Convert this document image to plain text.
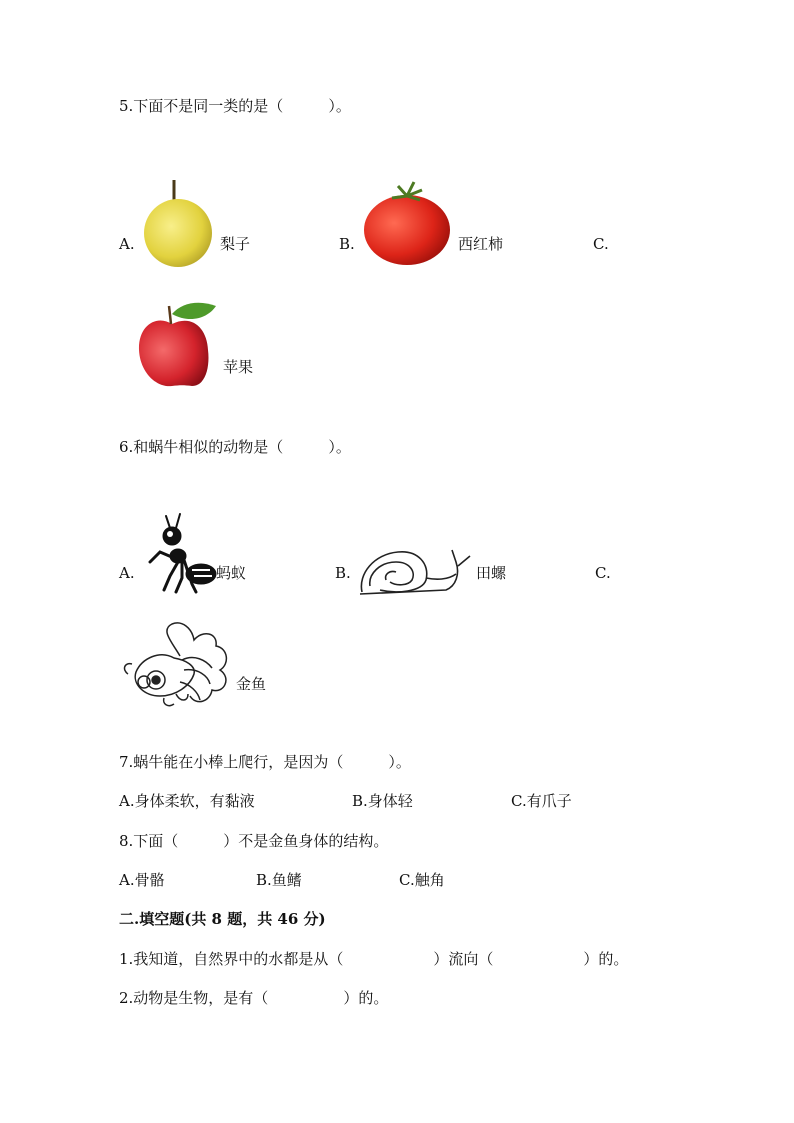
5.下面不是同一类的是（　　　）。
A.	梨子	B.	西红柿	C.
苹果
6.和蜗牛相似的动物是（　　　）。
A.	蚂蚁	B.	田螺	C.
金鱼
7.蜗牛能在小棒上爬行，是因为（　　　）。
A.身体柔软，有黏液	B.身体轻	C.有爪子
8.下面（　　　）不是金鱼身体的结构。
A.骨骼	B.鱼鳍	C.触角
二.填空题(共 8 题，共 46 分)
1.我知道，自然界中的水都是从（　　　　　　）流向（　　　　　　）的。
2.动物是生物，是有（　　　　　）的。
